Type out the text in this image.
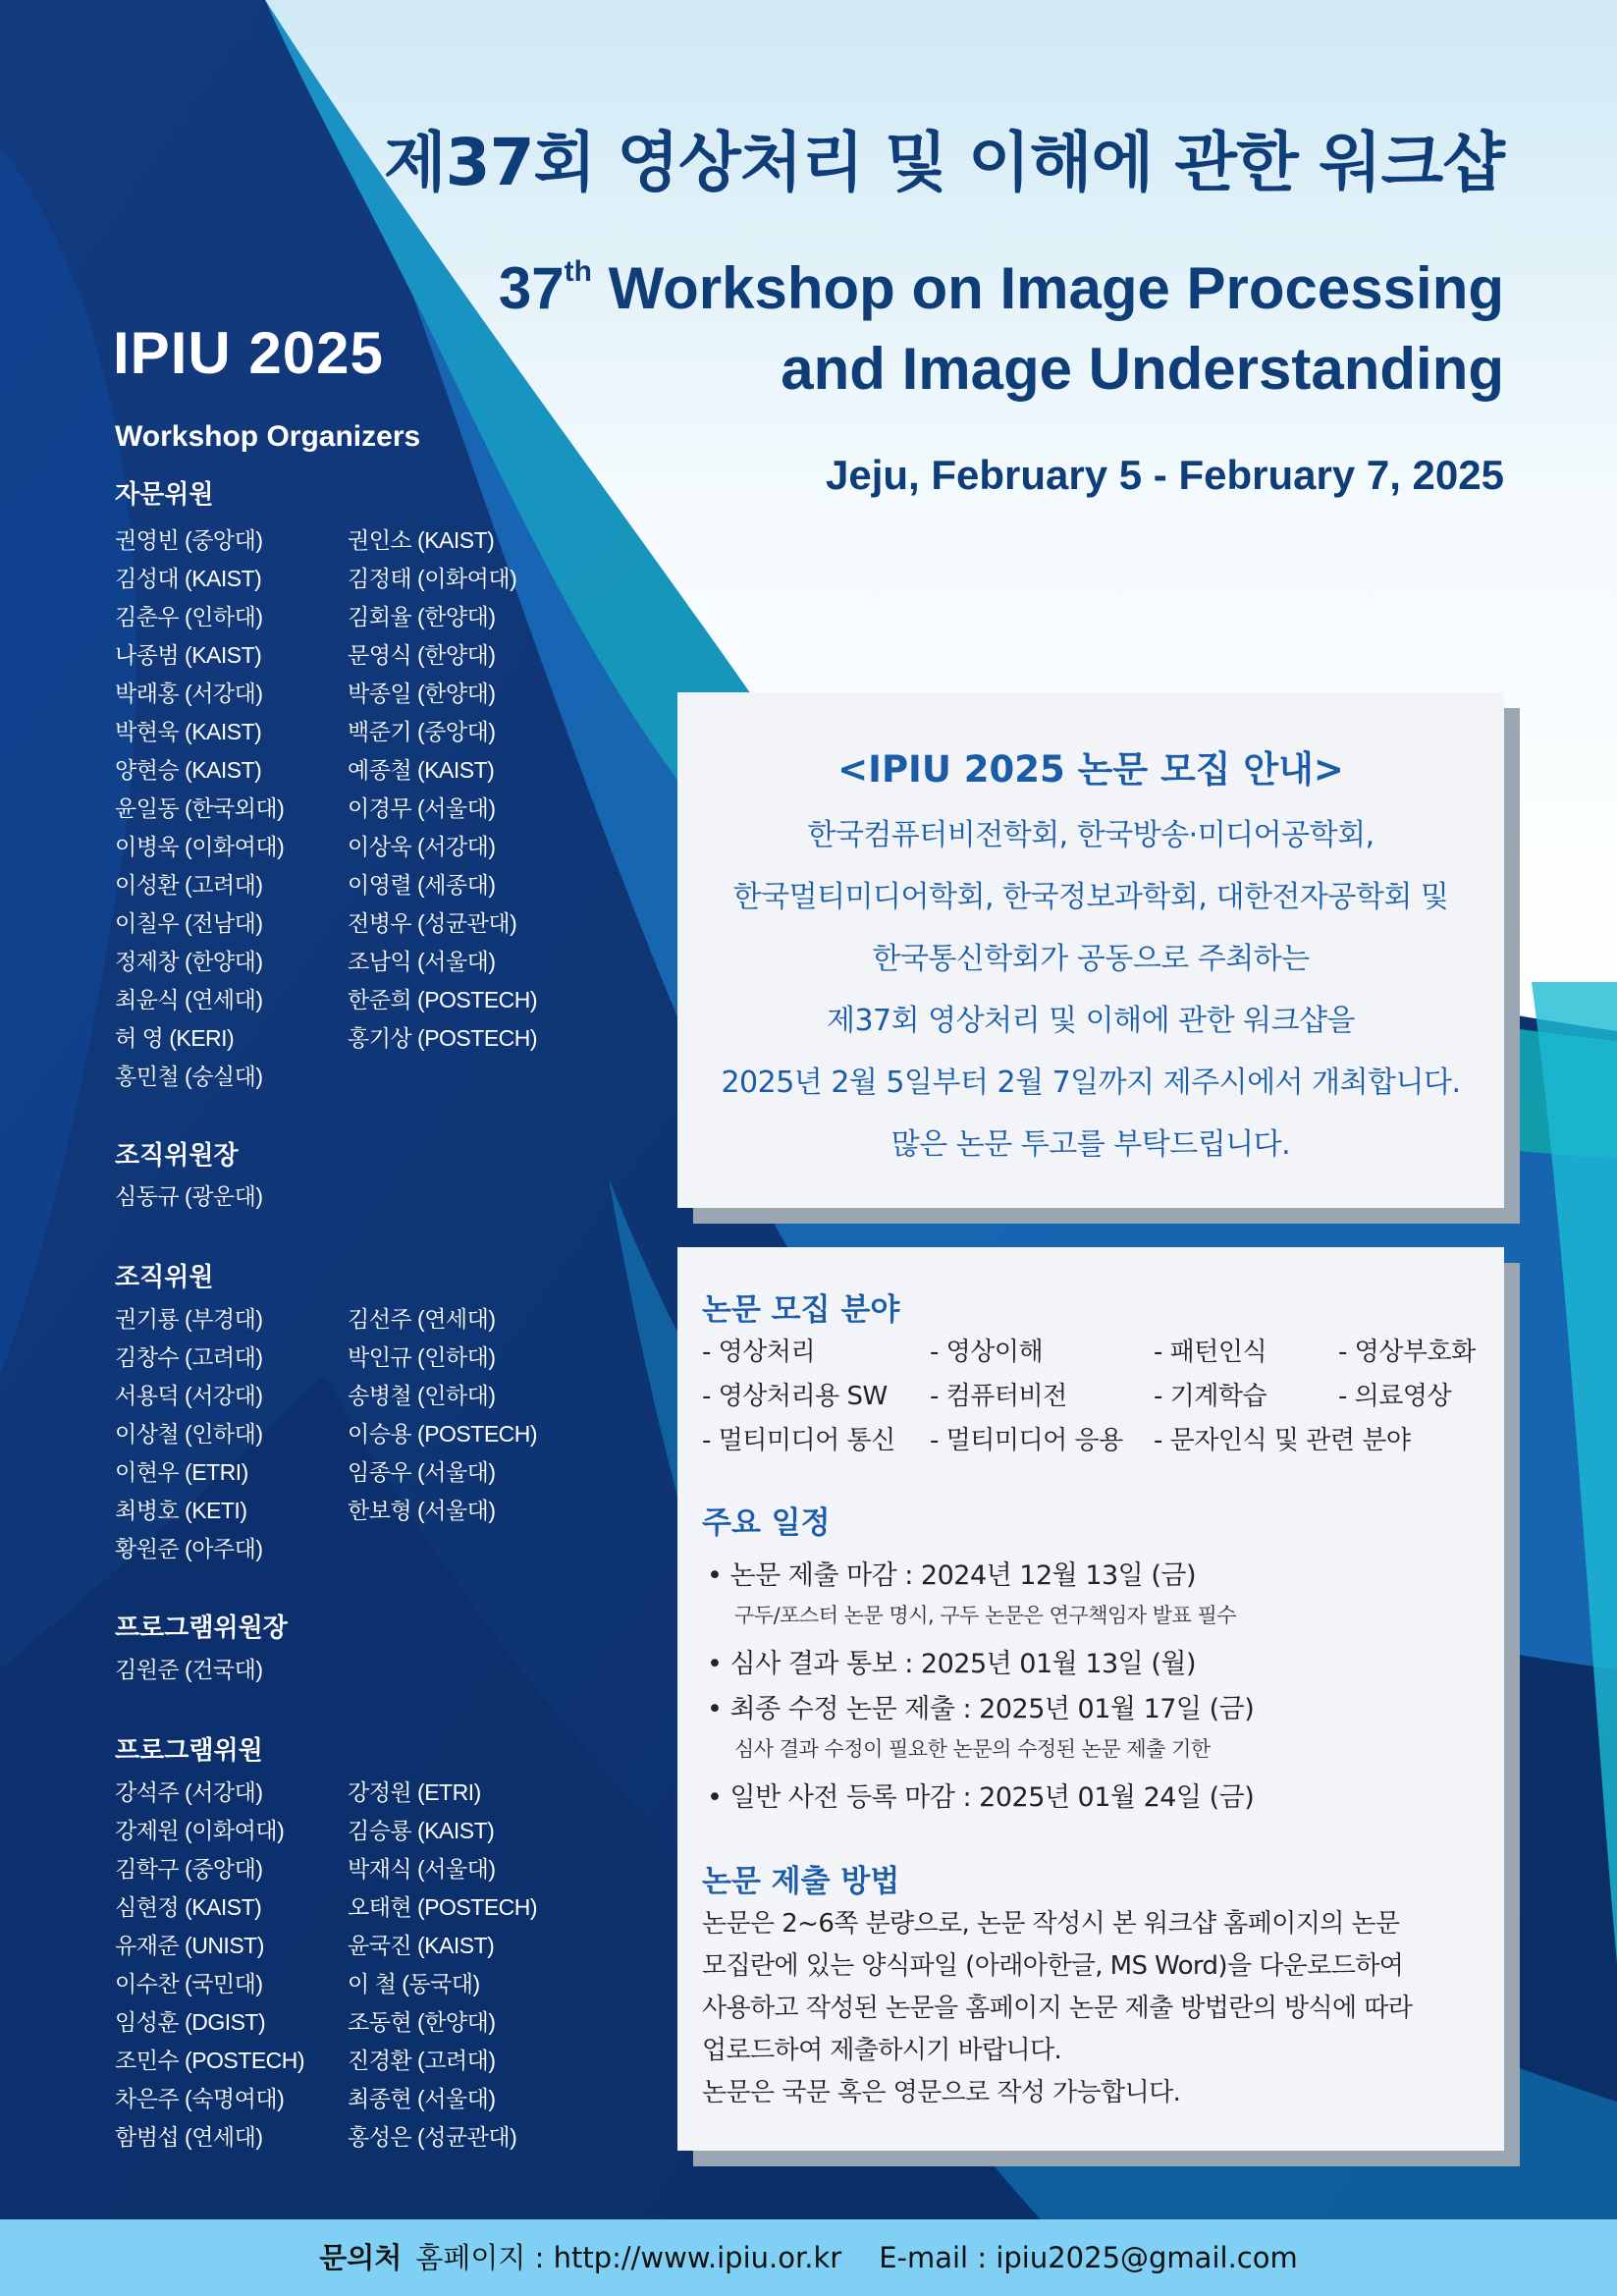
제37회 영상처리 및 이해에 관한 워크샵
37th Workshop on Image Processing
and Image Understanding
Jeju, February 5 - February 7, 2025
IPIU 2025
Workshop Organizers
자문위원
권영빈 (중앙대)	권인소 (KAIST)
김성대 (KAIST)	김정태 (이화여대)
김춘우 (인하대)	김회율 (한양대)
나종범 (KAIST)	문영식 (한양대)
박래홍 (서강대)	박종일 (한양대)
박현욱 (KAIST)	백준기 (중앙대)
양현승 (KAIST)	예종철 (KAIST)
윤일동 (한국외대)	이경무 (서울대)
이병욱 (이화여대)	이상욱 (서강대)
이성환 (고려대)	이영렬 (세종대)
이칠우 (전남대)	전병우 (성균관대)
정제창 (한양대)	조남익 (서울대)
최윤식 (연세대)	한준희 (POSTECH)
허 영 (KERI)	홍기상 (POSTECH)
홍민철 (숭실대)
조직위원장
심동규 (광운대)
조직위원
권기룡 (부경대)	김선주 (연세대)
김창수 (고려대)	박인규 (인하대)
서용덕 (서강대)	송병철 (인하대)
이상철 (인하대)	이승용 (POSTECH)
이현우 (ETRI)	임종우 (서울대)
최병호 (KETI)	한보형 (서울대)
황원준 (아주대)
프로그램위원장
김원준 (건국대)
프로그램위원
강석주 (서강대)	강정원 (ETRI)
강제원 (이화여대)	김승룡 (KAIST)
김학구 (중앙대)	박재식 (서울대)
심현정 (KAIST)	오태현 (POSTECH)
유재준 (UNIST)	윤국진 (KAIST)
이수찬 (국민대)	이 철 (동국대)
임성훈 (DGIST)	조동현 (한양대)
조민수 (POSTECH)	진경환 (고려대)
차은주 (숙명여대)	최종현 (서울대)
함범섭 (연세대)	홍성은 (성균관대)
<IPIU 2025 논문 모집 안내>
한국컴퓨터비전학회, 한국방송·미디어공학회,
한국멀티미디어학회, 한국정보과학회, 대한전자공학회 및
한국통신학회가 공동으로 주최하는
제37회 영상처리 및 이해에 관한 워크샵을
2025년 2월 5일부터 2월 7일까지 제주시에서 개최합니다.
많은 논문 투고를 부탁드립니다.
논문 모집 분야
- 영상처리	- 영상이해	- 패턴인식	- 영상부호화
- 영상처리용 SW	- 컴퓨터비전	- 기계학습	- 의료영상
- 멀티미디어 통신	- 멀티미디어 응용	- 문자인식 및 관련 분야
주요 일정
• 논문 제출 마감 : 2024년 12월 13일 (금)
구두/포스터 논문 명시, 구두 논문은 연구책임자 발표 필수
• 심사 결과 통보 : 2025년 01월 13일 (월)
• 최종 수정 논문 제출 : 2025년 01월 17일 (금)
심사 결과 수정이 필요한 논문의 수정된 논문 제출 기한
• 일반 사전 등록 마감 : 2025년 01월 24일 (금)
논문 제출 방법
논문은 2~6쪽 분량으로, 논문 작성시 본 워크샵 홈페이지의 논문
모집란에 있는 양식파일 (아래아한글, MS Word)을 다운로드하여
사용하고 작성된 논문을 홈페이지 논문 제출 방법란의 방식에 따라
업로드하여 제출하시기 바랍니다.
논문은 국문 혹은 영문으로 작성 가능합니다.
문의처 홈페이지 : http://www.ipiu.or.kr E-mail : ipiu2025@gmail.com
